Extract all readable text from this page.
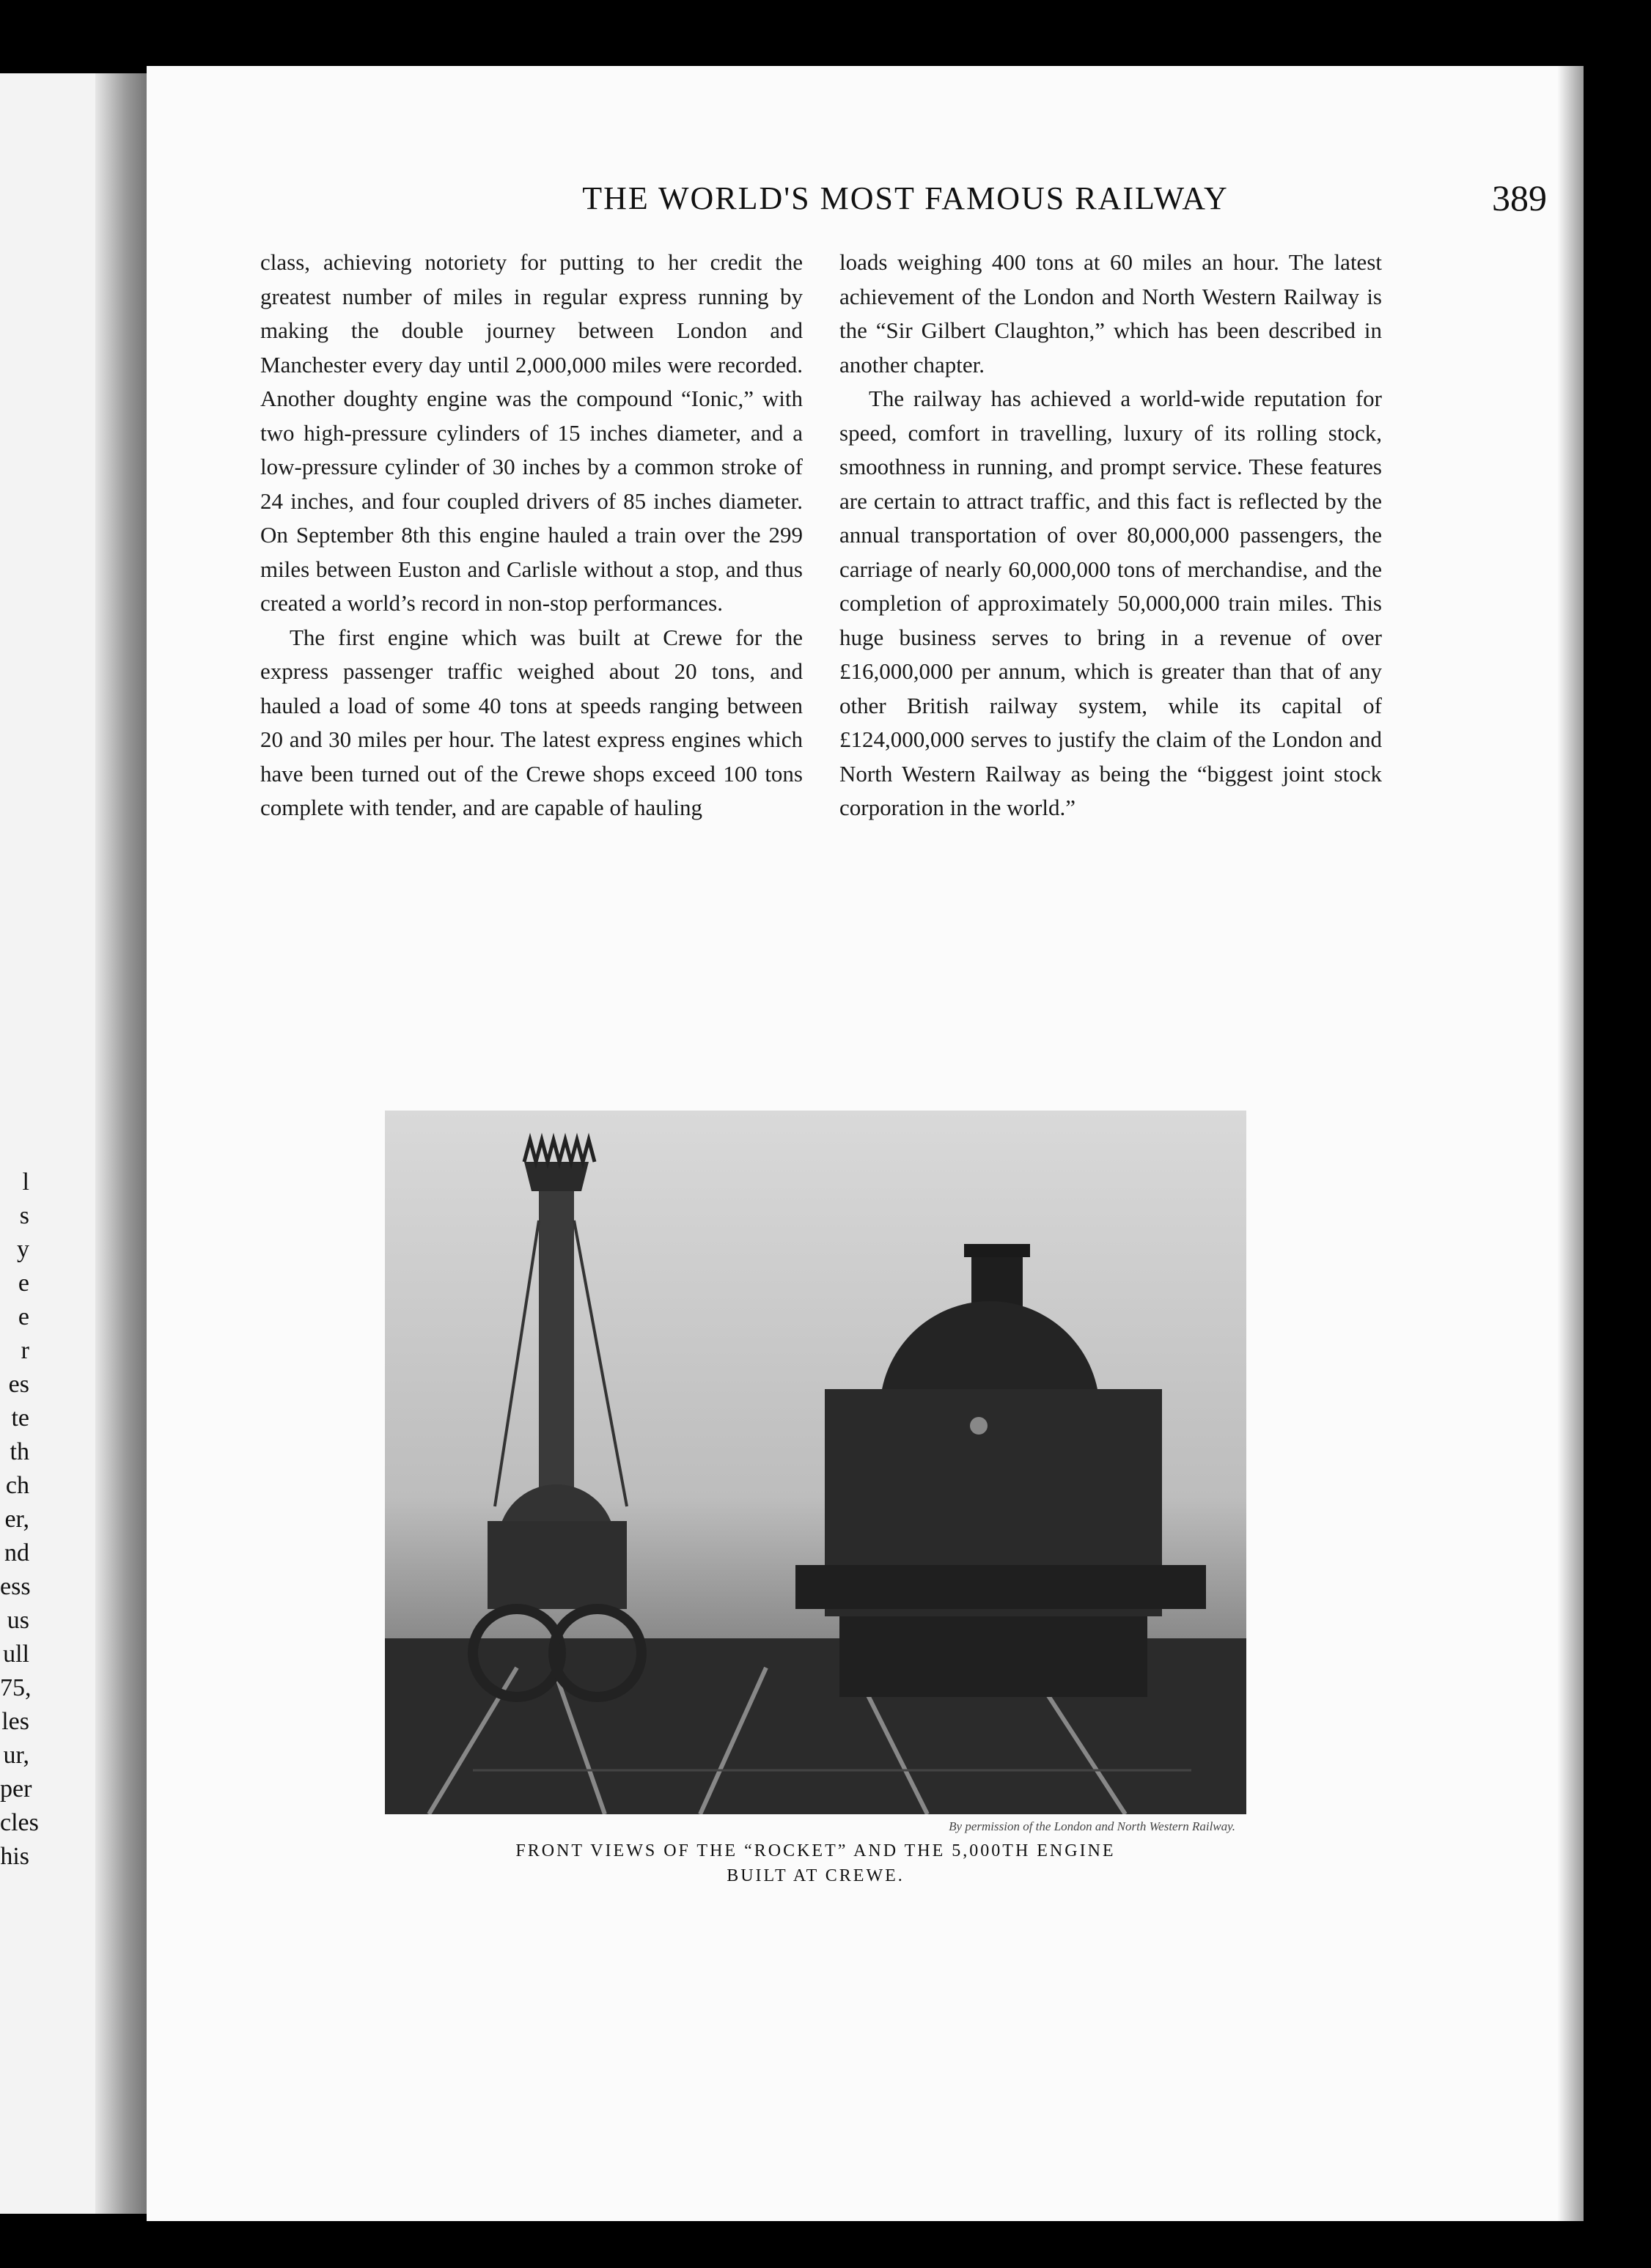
l
s
y
e
e
r
es
te
th
ch
er,
nd
ess
us
ull
75,
les
ur,
per
cles
his
THE WORLD'S MOST FAMOUS RAILWAY	389

class, achieving notoriety for putting to her credit the greatest number of miles in regular express running by making the double journey between London and Manchester every day until 2,000,000 miles were recorded. Another doughty engine was the compound “Ionic,” with two high-pressure cylinders of 15 inches diameter, and a low-pressure cylinder of 30 inches by a common stroke of 24 inches, and four coupled drivers of 85 inches diameter. On September 8th this engine hauled a train over the 299 miles between Euston and Carlisle without a stop, and thus created a world’s record in non-stop performances.

The first engine which was built at Crewe for the express passenger traffic weighed about 20 tons, and hauled a load of some 40 tons at speeds ranging between 20 and 30 miles per hour. The latest express engines which have been turned out of the Crewe shops exceed 100 tons complete with tender, and are capable of hauling

loads weighing 400 tons at 60 miles an hour. The latest achievement of the London and North Western Railway is the “Sir Gilbert Claughton,” which has been described in another chapter.

The railway has achieved a world-wide reputation for speed, comfort in travelling, luxury of its rolling stock, smoothness in running, and prompt service. These features are certain to attract traffic, and this fact is reflected by the annual transportation of over 80,000,000 passengers, the carriage of nearly 60,000,000 tons of merchandise, and the completion of approximately 50,000,000 train miles. This huge business serves to bring in a revenue of over £16,000,000 per annum, which is greater than that of any other British railway system, while its capital of £124,000,000 serves to justify the claim of the London and North Western Railway as being the “biggest joint stock corporation in the world.”

By permission of the London and North Western Railway.
FRONT VIEWS OF THE “ROCKET” AND THE 5,000TH ENGINE
BUILT AT CREWE.
